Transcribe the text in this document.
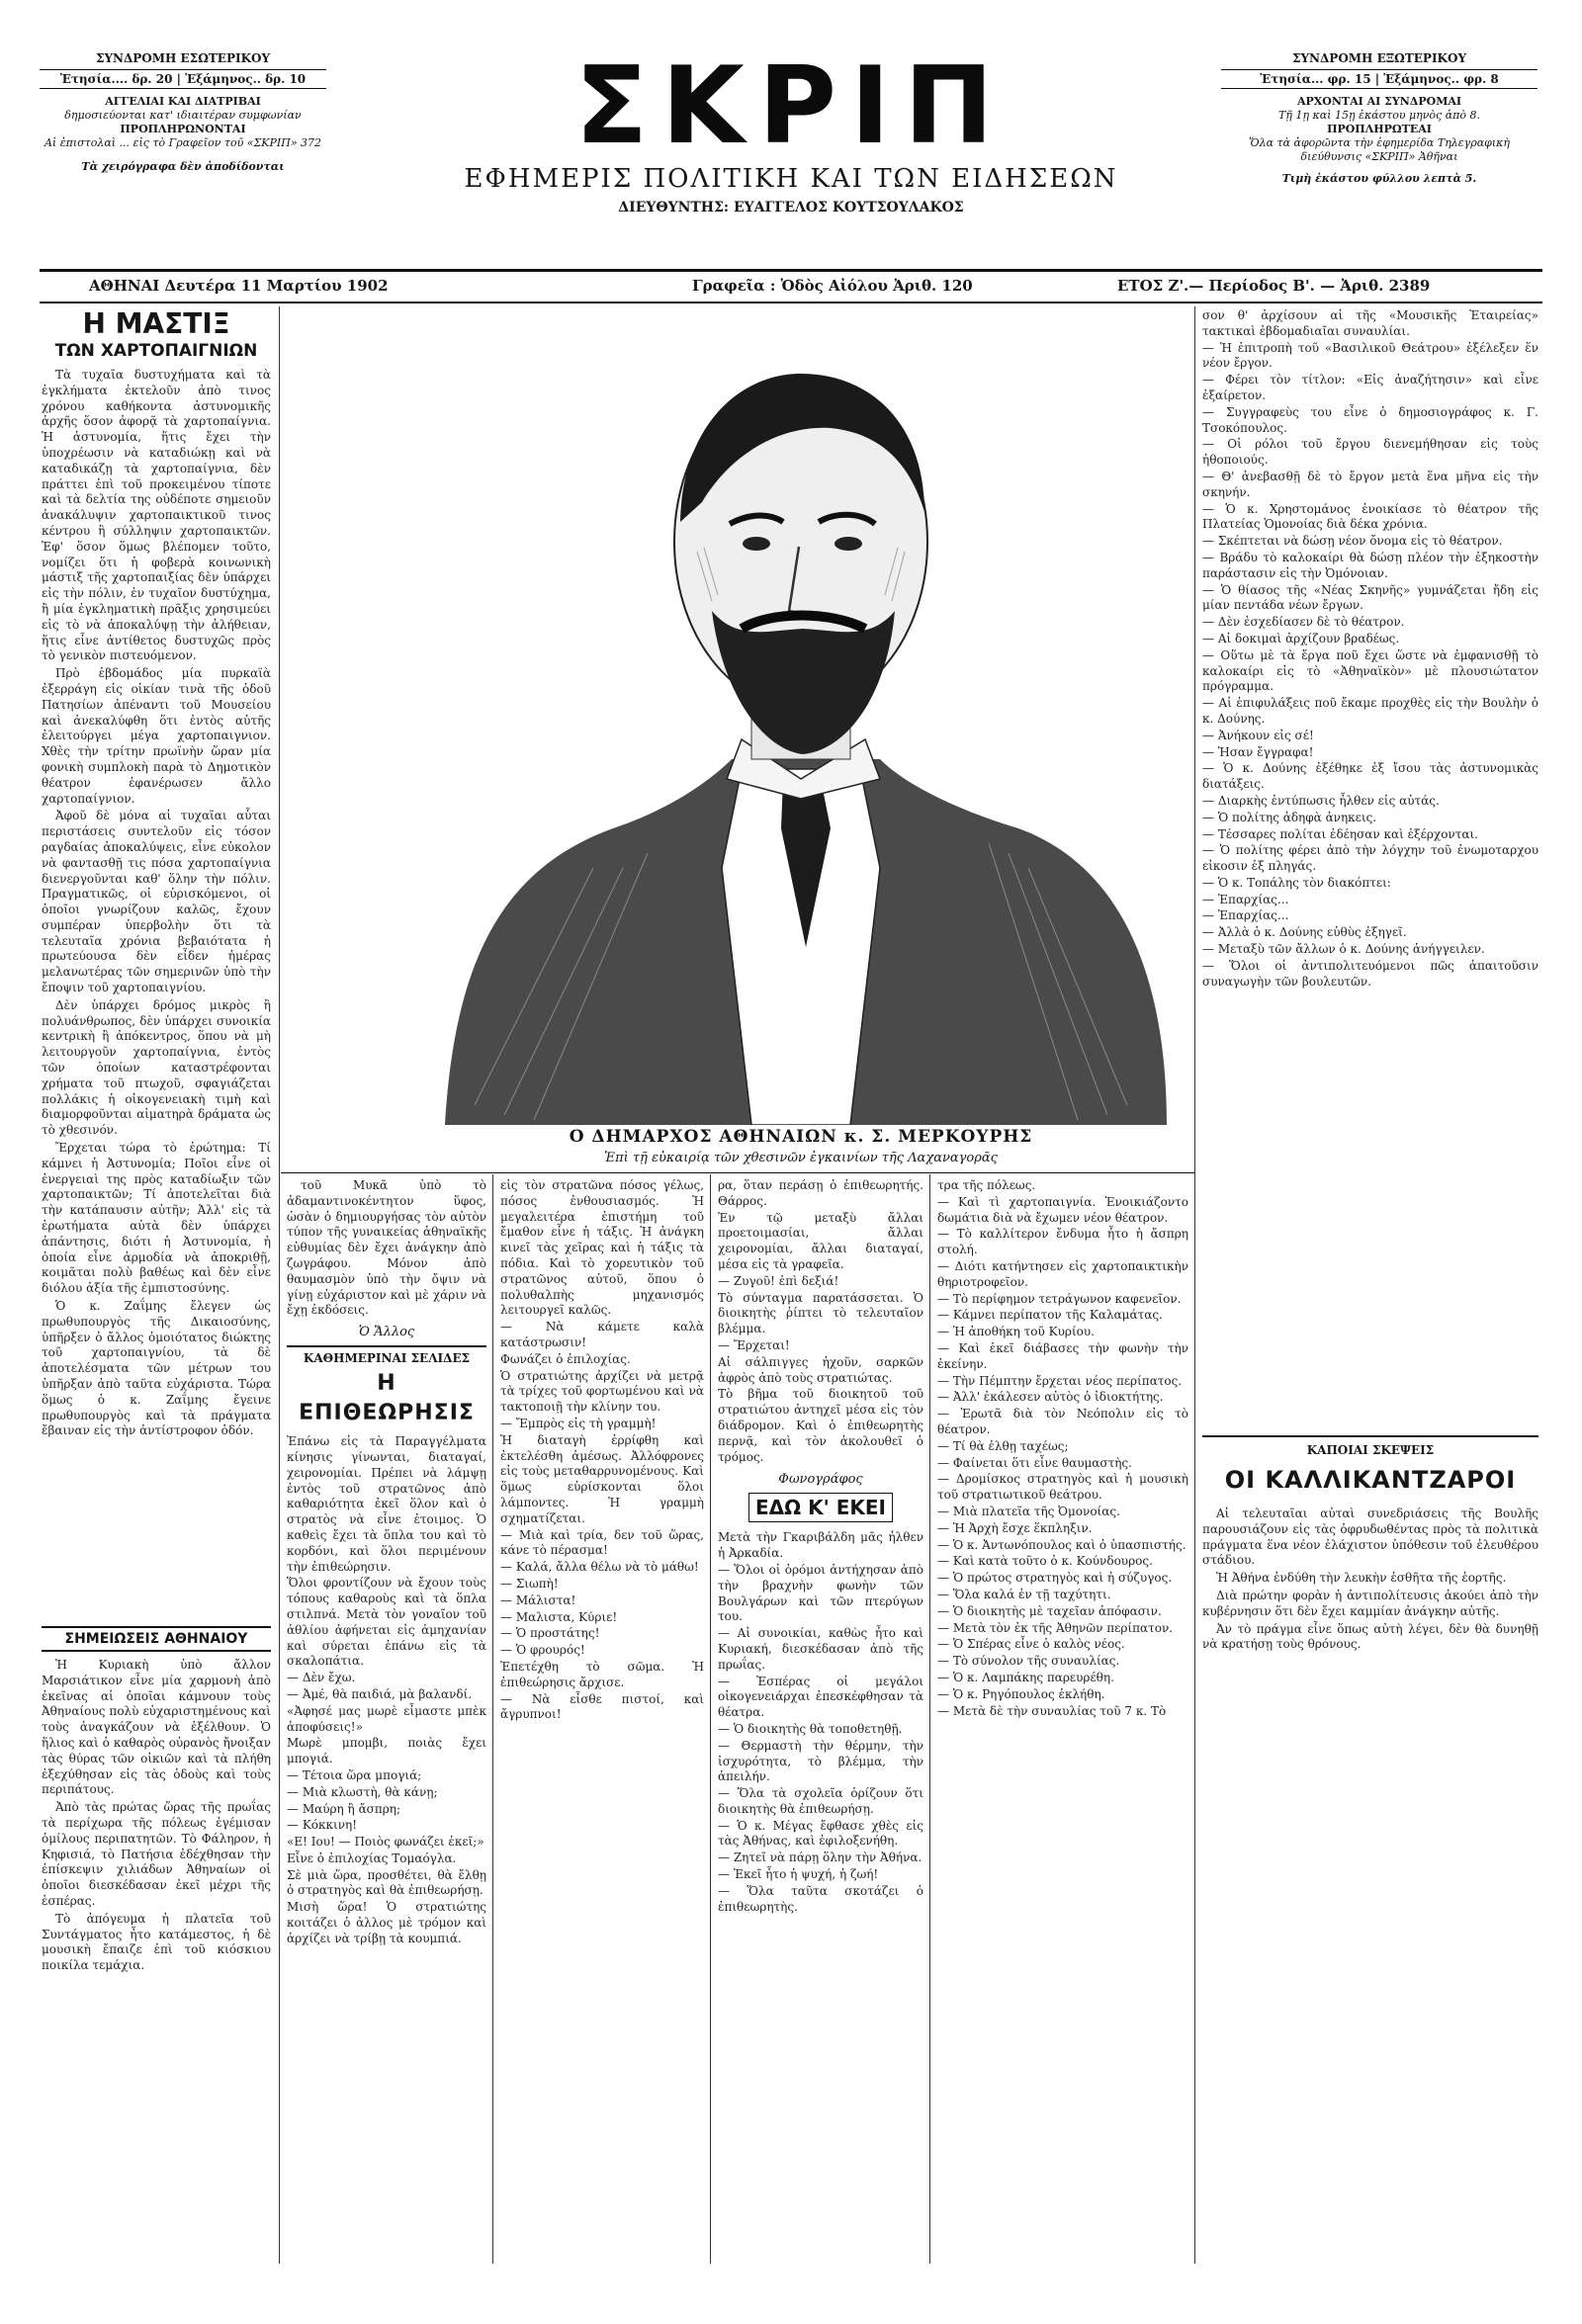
ΣΥΝΔΡΟΜΗ ΕΣΩΤΕΡΙΚΟΥ
Ἐτησία.... δρ. 20 | Ἑξάμηνος.. δρ. 10
ΑΓΓΕΛΙΑΙ ΚΑΙ ΔΙΑΤΡΙΒΑΙ
δημοσιεύονται κατ' ιδιαιτέραν συμφωνίαν
ΠΡΟΠΛΗΡΩΝΟΝΤΑΙ
Αἱ ἐπιστολαὶ ... εἰς τὸ Γραφεῖον τοῦ «ΣΚΡΙΠ» 372
Τὰ χειρόγραφα δὲν ἀποδίδονται	ΣΚΡΙΠ
ΕΦΗΜΕΡΙΣ ΠΟΛΙΤΙΚΗ ΚΑΙ ΤΩΝ ΕΙΔΗΣΕΩΝ
ΔΙΕΥΘΥΝΤΗΣ: ΕΥΑΓΓΕΛΟΣ ΚΟΥΤΣΟΥΛΑΚΟΣ
ΣΥΝΔΡΟΜΗ ΕΞΩΤΕΡΙΚΟΥ
Ἐτησία... φρ. 15 | Ἑξάμηνος.. φρ. 8
ΑΡΧΟΝΤΑΙ ΑΙ ΣΥΝΔΡΟΜΑΙ
Τῇ 1ῃ καὶ 15ῃ ἑκάστου μηνὸς ἀπὸ 8.
ΠΡΟΠΛΗΡΩΤΕΑΙ
Ὅλα τὰ ἀφορῶντα τὴν ἐφημερίδα Τηλεγραφικὴ διεύθυνσις «ΣΚΡΙΠ» Ἀθῆναι
Τιμὴ ἑκάστου φύλλου λεπτὰ 5.
ΑΘΗΝΑΙ Δευτέρα 11 Μαρτίου 1902	Γραφεῖα : Ὁδὸς Αἰόλου Ἀριθ. 120	ΕΤΟΣ Ζ'.— Περίοδος Β'. — Ἀριθ. 2389
Η ΜΑΣΤΙΞ
ΤΩΝ ΧΑΡΤΟΠΑΙΓΝΙΩΝ

Τὰ τυχαῖα δυστυχήματα καὶ τὰ ἐγκλήματα ἐκτελοῦν ἀπὸ τινος χρόνου καθήκοντα ἀστυνομικῆς ἀρχῆς ὅσον ἀφορᾷ τὰ χαρτοπαίγνια. Ἡ ἀστυνομία, ἥτις ἔχει τὴν ὑποχρέωσιν νὰ καταδιώκῃ καὶ νὰ καταδικάζῃ τὰ χαρτοπαίγνια, δὲν πράττει ἐπὶ τοῦ προκειμένου τίποτε καὶ τὰ δελτία της οὐδέποτε σημειοῦν ἀνακάλυψιν χαρτοπαικτικοῦ τινος κέντρου ἢ σύλληψιν χαρτοπαικτῶν. Ἐφ' ὅσον ὅμως βλέπομεν τοῦτο, νομίζει ὅτι ἡ φοβερὰ κοινωνικὴ μάστιξ τῆς χαρτοπαιξίας δὲν ὑπάρχει εἰς τὴν πόλιν, ἐν τυχαῖον δυστύχημα, ἢ μία ἐγκληματικὴ πρᾶξις χρησιμεύει εἰς τὸ νὰ ἀποκαλύψῃ τὴν ἀλήθειαν, ἥτις εἶνε ἀντίθετος δυστυχῶς πρὸς τὸ γενικὸν πιστευόμενον.

Πρὸ ἑβδομάδος μία πυρκαϊὰ ἐξερράγη εἰς οἰκίαν τινὰ τῆς ὁδοῦ Πατησίων ἀπέναντι τοῦ Μουσείου καὶ ἀνεκαλύφθη ὅτι ἐντὸς αὐτῆς ἐλειτούργει μέγα χαρτοπαιγνιον. Χθὲς τὴν τρίτην πρωϊνὴν ὥραν μία φονικὴ συμπλοκὴ παρὰ τὸ Δημοτικὸν θέατρον ἐφανέρωσεν ἄλλο χαρτοπαίγνιον.

Ἀφοῦ δὲ μόνα αἱ τυχαῖαι αὗται περιστάσεις συντελοῦν εἰς τόσον ραγδαίας ἀποκαλύψεις, εἶνε εὐκολον νὰ φαντασθῇ τις πόσα χαρτοπαίγνια διενεργοῦνται καθ' ὅλην τὴν πόλιν. Πραγματικῶς, οἱ εὑρισκόμενοι, οἱ ὁποῖοι γνωρίζουν καλῶς, ἔχουν συμπέραν ὑπερβολὴν ὅτι τὰ τελευταῖα χρόνια βεβαιότατα ἡ πρωτεύουσα δὲν εἶδεν ἡμέρας μελανωτέρας τῶν σημερινῶν ὑπὸ τὴν ἔποψιν τοῦ χαρτοπαιγνίου.

Δὲν ὑπάρχει δρόμος μικρὸς ἢ πολυάνθρωπος, δὲν ὑπάρχει συνοικία κεντρικὴ ἢ ἀπόκεντρος, ὅπου νὰ μὴ λειτουργοῦν χαρτοπαίγνια, ἐντὸς τῶν ὁποίων καταστρέφονται χρήματα τοῦ πτωχοῦ, σφαγιάζεται πολλάκις ἡ οἰκογενειακὴ τιμὴ καὶ διαμορφοῦνται αἰματηρὰ δράματα ὡς τὸ χθεσινόν.

Ἔρχεται τώρα τὸ ἐρώτημα: Τί κάμνει ἡ Ἀστυνομία; Ποῖοι εἶνε οἱ ἐνεργειαὶ της πρὸς καταδίωξιν τῶν χαρτοπαικτῶν; Τί ἀποτελεῖται διὰ τὴν κατάπαυσιν αὐτῆν; Ἀλλ' εἰς τὰ ἐρωτήματα αὐτὰ δὲν ὑπάρχει ἀπάντησις, διότι ἡ Ἀστυνομία, ἡ ὁποία εἶνε ἁρμοδία νὰ ἀποκριθῇ, κοιμᾶται πολὺ βαθέως καὶ δὲν εἶνε διόλου ἀξία τῆς ἐμπιστοσύνης.

Ὁ κ. Ζαΐμης ἔλεγεν ὡς πρωθυπουργὸς τῆς Δικαιοσύνης, ὑπῆρξεν ὁ ἄλλος ὁμοιότατος διώκτης τοῦ χαρτοπαιγνίου, τὰ δὲ ἀποτελέσματα τῶν μέτρων του ὑπῆρξαν ἀπὸ ταῦτα εὐχάριστα. Τώρα ὅμως ὁ κ. Ζαΐμης ἔγεινε πρωθυπουργὸς καὶ τὰ πράγματα ἔβαιναν εἰς τὴν ἀντίστροφον ὁδόν.

ΣΗΜΕΙΩΣΕΙΣ ΑΘΗΝΑΙΟΥ

Ἡ Κυριακὴ ὑπὸ ἄλλον Μαρσιάτικον εἶνε μία χαρμονὴ ἀπὸ ἐκεῖνας αἱ ὁποῖαι κάμνουν τοὺς Ἀθηναίους πολὺ εὐχαριστημένους καὶ τοὺς ἀναγκάζουν νὰ ἐξέλθουν. Ὁ ἥλιος καὶ ὁ καθαρὸς οὐρανὸς ἤνοιξαν τὰς θύρας τῶν οἰκιῶν καὶ τὰ πλήθη ἐξεχύθησαν εἰς τὰς ὁδοὺς καὶ τοὺς περιπάτους.

Ἀπὸ τὰς πρώτας ὥρας τῆς πρωΐας τὰ περίχωρα τῆς πόλεως ἐγέμισαν ὁμίλους περιπατητῶν. Τὸ Φάληρον, ἡ Κηφισιά, τὸ Πατήσια ἐδέχθησαν τὴν ἐπίσκεψιν χιλιάδων Ἀθηναίων οἱ ὁποῖοι διεσκέδασαν ἐκεῖ μέχρι τῆς ἑσπέρας.

Τὸ ἀπόγευμα ἡ πλατεῖα τοῦ Συντάγματος ἦτο κατάμεστος, ἡ δὲ μουσικὴ ἔπαιζε ἐπὶ τοῦ κιόσκιου ποικίλα τεμάχια.

Ο ΔΗΜΑΡΧΟΣ ΑΘΗΝΑΙΩΝ κ. Σ. ΜΕΡΚΟΥΡΗΣ
Ἐπὶ τῇ εὐκαιρίᾳ τῶν χθεσινῶν ἐγκαινίων τῆς Λαχαναγορᾶς

τοῦ Μυκᾶ ὑπὸ τὸ ἀδαμαντινοκέντητον ὕφος, ὡσὰν ὁ δημιουργήσας τὸν αὐτὸν τύπον τῆς γυναικείας ἀθηναϊκῆς εὐθυμίας δὲν ἔχει ἀνάγκην ἀπὸ ζωγράφου. Μόνον ἀπὸ θαυμασμὸν ὑπὸ τὴν ὄψιν νὰ γίνῃ εὐχάριστον καὶ μὲ χάριν νὰ ἔχῃ ἐκδόσεις.

Ὁ Ἄλλος
ΚΑΘΗΜΕΡΙΝΑΙ ΣΕΛΙΔΕΣ
Η ΕΠΙΘΕΩΡΗΣΙΣ

Ἐπάνω εἰς τὰ Παραγγέλματα κίνησις γίνωνται, διαταγαί, χειρονομίαι. Πρέπει νὰ λάμψῃ ἐντὸς τοῦ στρατῶνος ἀπὸ καθαριότητα ἐκεῖ ὅλον καὶ ὁ στρατὸς νὰ εἶνε ἐτοιμος. Ὁ καθεὶς ἔχει τὰ ὅπλα του καὶ τὸ κορδόνι, καὶ ὅλοι περιμένουν τὴν ἐπιθεώρησιν.

Ὅλοι φροντίζουν νὰ ἔχουν τοὺς τόπους καθαροὺς καὶ τὰ ὅπλα στιλπνά. Μετὰ τὸν γοναῖον τοῦ ἀθλίου ἀφήνεται εἰς ἀμηχανίαν καὶ σύρεται ἐπάνω εἰς τὰ σκαλοπάτια.

— Δὲν ἔχω.

— Ἀμέ, θὰ παιδιά, μὰ βαλανδί.

«Ἀφησέ μας μωρὲ εἶμαστε μπὲκ ἀποφύσεις!»

Μωρὲ μπομβι, ποιὰς ἔχει μπογιά.

— Τέτοια ὥρα μπογιά;

— Μιὰ κλωστὴ, θὰ κάνῃ;

— Μαύρη ἢ ἄσπρη;

— Κόκκινη!

«Ε! Ιου! — Ποιὸς φωνάζει ἐκεῖ;»

Εἶνε ὁ ἐπιλοχίας Τομαόγλα.

Σὲ μιὰ ὥρα, προσθέτει, θὰ ἔλθῃ ὁ στρατηγὸς καὶ θὰ ἐπιθεωρήσῃ.

Μισὴ ὥρα! Ὁ στρατιώτης κοιτάζει ὁ ἀλλος μὲ τρόμον καὶ ἀρχίζει νὰ τρίβῃ τὰ κουμπιά.

εἰς τὸν στρατῶνα πόσος γέλως, πόσος ἐνθουσιασμός. Ἡ μεγαλειτέρα ἐπιστήμη τοῦ ἔμαθον εἶνε ἡ τάξις. Ἡ ἀνάγκη κινεῖ τὰς χεῖρας καὶ ἡ τάξις τὰ πόδια. Καὶ τὸ χορευτικὸν τοῦ στρατῶνος αὐτοῦ, ὅπου ὁ πολυθαλπὴς μηχανισμός λειτουργεῖ καλῶς.

— Νὰ κάμετε καλὰ κατάστρωσιν!

Φωνάζει ὁ ἐπιλοχίας.

Ὁ στρατιώτης ἀρχίζει νὰ μετρᾷ τὰ τρίχες τοῦ φορτωμένου καὶ νὰ τακτοποιῇ τὴν κλίνην του.

— Ἔμπρὸς εἰς τὴ γραμμὴ!

Ἡ διαταγὴ ἐρρίφθη καὶ ἐκτελέσθη ἀμέσως. Ἀλλόφρονες εἰς τοὺς μεταθαρρυνομένους. Καὶ ὅμως εὑρίσκονται ὅλοι λάμποντες. Ἡ γραμμὴ σχηματίζεται.

— Μιὰ καὶ τρία, δεν τοῦ ὥρας, κάνε τὸ πέρασμα!

— Καλά, ἄλλα θέλω νὰ τὸ μάθω!

— Σιωπὴ!

— Μάλιστα!

— Μαλιστα, Κύριε!

— Ὁ προστάτης!

— Ὁ φρουρός!

Ἐπετέχθη τὸ σῶμα. Ἡ ἐπιθεώρησις ἄρχισε.

— Νὰ εἶσθε πιστοί, καὶ ἄγρυπνοι!

ρα, ὅταν περάσῃ ὁ ἐπιθεωρητής. Θάρρος.

Ἐν τῷ μεταξὺ ἄλλαι προετοιμασίαι, ἄλλαι χειρονομίαι, ἄλλαι διαταγαί, μέσα εἰς τὰ γραφεῖα.

— Ζυγοῦ! ἐπὶ δεξιά!

Τὸ σύνταγμα παρατάσσεται. Ὁ διοικητὴς ῥίπτει τὸ τελευταῖον βλέμμα.

— Ἔρχεται!

Αἱ σάλπιγγες ἠχοῦν, σαρκῶν ἀφρὸς ἀπὸ τοὺς στρατιώτας.

Τὸ βῆμα τοῦ διοικητοῦ τοῦ στρατιώτου ἀντηχεῖ μέσα εἰς τὸν διάδρομον. Καὶ ὁ ἐπιθεωρητὴς περνᾷ, καὶ τὸν ἀκολουθεῖ ὁ τρόμος.

Φωνογράφος
ΕΔΩ Κ' ΕΚΕΙ

Μετὰ τὴν Γκαριβάλδη μᾶς ἦλθεν ἡ Ἀρκαδία.

— Ὅλοι οἱ ὁρόμοι ἀντήχησαν ἀπὸ τὴν βραχνὴν φωνὴν τῶν Βουλγάρων καὶ τῶν πτερύγων του.

— Αἱ συνοικίαι, καθὼς ἦτο καὶ Κυριακή, διεσκέδασαν ἀπὸ τῆς πρωΐας.

— Ἐσπέρας οἱ μεγάλοι οἰκογενειάρχαι ἐπεσκέφθησαν τὰ θέατρα.

— Ὁ διοικητὴς θὰ τοποθετηθῇ.

— Θερμαστὴ τὴν θέρμην, τὴν ἰσχυρότητα, τὸ βλέμμα, τὴν ἀπειλήν.

— Ὅλα τὰ σχολεῖα ὁρίζουν ὅτι διοικητὴς θὰ ἐπιθεωρήσῃ.

— Ὁ κ. Μέγας ἔφθασε χθὲς εἰς τὰς Ἀθήνας, καὶ ἐφιλοξενήθη.

— Ζητεῖ νὰ πάρῃ ὅλην τὴν Ἀθήνα.

— Ἐκεῖ ἦτο ἡ ψυχή, ἡ ζωή!

— Ὅλα ταῦτα σκοτάζει ὁ ἐπιθεωρητὴς.

τρα τῆς πόλεως.

— Καὶ τὶ χαρτοπαιγνία. Ἐνοικιάζοντο δωμάτια διὰ νὰ ἔχωμεν νέον θέατρον.

— Τὸ καλλίτερον ἔνδυμα ἦτο ἡ ἄσπρη στολή.

— Διότι κατήντησεν εἰς χαρτοπαικτικὴν θηριοτροφεῖον.

— Τὸ περίφημον τετράγωνον καφενεῖον.

— Κάμνει περίπατον τῆς Καλαμάτας.

— Ἡ ἀποθήκη τοῦ Κυρίου.

— Καὶ ἐκεῖ διάβασες τὴν φωνὴν τὴν ἐκείνην.

— Τὴν Πέμπτην ἔρχεται νέος περίπατος.

— Ἀλλ' ἐκάλεσεν αὐτὸς ὁ ἰδιοκτήτης.

— Ἐρωτᾶ διὰ τὸν Νεόπολιν εἰς τὸ θέατρον.

— Τί θὰ ἐλθῃ ταχέως;

— Φαίνεται ὅτι εἶνε θαυμαστὴς.

— Δρομίσκος στρατηγὸς καὶ ἡ μουσικὴ τοῦ στρατιωτικοῦ θεάτρου.

— Μιὰ πλατεῖα τῆς Ὀμονοίας.

— Ἡ Ἀρχὴ ἔσχε ἕκπληξιν.

— Ὁ κ. Ἀντωνόπουλος καὶ ὁ ὑπασπιστής.

— Καὶ κατὰ τοῦτο ὁ κ. Κούνδουρος.

— Ὁ πρώτος στρατηγὸς καὶ ἡ σύζυγος.

— Ὅλα καλά ἐν τῇ ταχύτητι.

— Ὁ διοικητὴς μὲ ταχεῖαν ἀπόφασιν.

— Μετὰ τὸν ἐκ τῆς Ἀθηνῶν περίπατον.

— Ὁ Σπέρας εἶνε ὁ καλὸς νέος.

— Τὸ σύνολον τῆς συναυλίας.

— Ὁ κ. Λαμπάκης παρευρέθη.

— Ὁ κ. Ρηγόπουλος ἐκλήθη.

— Μετὰ δὲ τὴν συναυλίας τοῦ 7 κ. Τὸ

σον θ' ἀρχίσουν αἱ τῆς «Μουσικῆς Ἑταιρείας» τακτικαὶ ἐβδομαδιαῖαι συναυλίαι.

— Ἡ ἐπιτροπὴ τοῦ «Βασιλικοῦ Θεάτρου» ἐξέλεξεν ἕν νέον ἔργον.

— Φέρει τὸν τίτλον: «Εἰς ἀναζήτησιν» καὶ εἶνε ἐξαίρετον.

— Συγγραφεὺς του εἶνε ὁ δημοσιογράφος κ. Γ. Τσοκόπουλος.

— Οἱ ρόλοι τοῦ ἔργου διενεμήθησαν εἰς τοὺς ἠθοποιούς.

— Θ' ἀνεβασθῇ δὲ τὸ ἔργον μετὰ ἕνα μῆνα εἰς τὴν σκηνήν.

— Ὁ κ. Χρηστομάνος ἐνοικίασε τὸ θέατρον τῆς Πλατείας Ὁμονοίας διὰ δέκα χρόνια.

— Σκέπτεται νὰ δώσῃ νέον ὄνομα εἰς τὸ θέατρον.

— Βράδυ τὸ καλοκαίρι θὰ δώσῃ πλέον τὴν ἐξηκοστὴν παράστασιν εἰς τὴν Ὀμόνοιαν.

— Ὁ θίασος τῆς «Νέας Σκηνῆς» γυμνάζεται ἤδη εἰς μίαν πεντάδα νέων ἔργων.

— Δὲν ἐσχεδίασεν δὲ τὸ θέατρον.

— Αἱ δοκιμαὶ ἀρχίζουν βραδέως.

— Οὕτω μὲ τὰ ἔργα ποῦ ἔχει ὥστε νὰ ἐμφανισθῇ τὸ καλοκαίρι εἰς τὸ «Ἀθηναϊκὸν» μὲ πλουσιώτατον πρόγραμμα.

— Αἱ ἐπιφυλάξεις ποῦ ἔκαμε προχθὲς εἰς τὴν Βουλὴν ὁ κ. Δούνης.

— Ἀνήκουν εἰς σέ!

— Ἡσαν ἔγγραφα!

— Ὁ κ. Δούνης ἐξέθηκε ἐξ ἴσου τὰς ἀστυνομικὰς διατάξεις.

— Διαρκὴς ἐντύπωσις ἦλθεν εἰς αὐτάς.

— Ὁ πολίτης ἀδηφὰ ἀνηκεις.

— Τέσσαρες πολίται ἐδέησαν καὶ ἐξέρχονται.

— Ὁ πολίτης φέρει ἀπὸ τὴν λόγχην τοῦ ἐνωμοταρχου εἰκοσιν ἐξ πληγάς.

— Ὁ κ. Τοπάλης τὸν διακόπτει:

— Ἐπαρχίας...

— Ἐπαρχίας...

— Ἀλλὰ ὁ κ. Δούνης εὐθὺς ἐξηγεῖ.

— Μεταξὺ τῶν ἄλλων ὁ κ. Δούνης ἀνήγγειλεν.

— Ὅλοι οἱ ἀντιπολιτευόμενοι πῶς ἀπαιτοῦσιν συναγωγὴν τῶν βουλευτῶν.

ΚΑΠΟΙΑΙ ΣΚΕΨΕΙΣ
ΟΙ ΚΑΛΛΙΚΑΝΤΖΑΡΟΙ

Αἱ τελευταῖαι αὐταὶ συνεδριάσεις τῆς Βουλῆς παρουσιάζουν εἰς τὰς ὀφρυδωθέντας πρὸς τὰ πολιτικὰ πράγματα ἕνα νέον ἐλάχιστον ὑπόθεσιν τοῦ ἐλευθέρου στάδιου.

Ἡ Ἀθήνα ἐνδύθη τὴν λευκὴν ἐσθῆτα τῆς ἑορτῆς.

Διὰ πρώτην φορὰν ἡ ἀντιπολίτευσις ἀκούει ἀπὸ τὴν κυβέρνησιν ὅτι δὲν ἔχει καμμίαν ἀνάγκην αὐτῆς.

Ἀν τὸ πράγμα εἶνε ὅπως αὐτὴ λέγει, δὲν θὰ δυνηθῇ νὰ κρατήσῃ τοὺς θρόνους.
